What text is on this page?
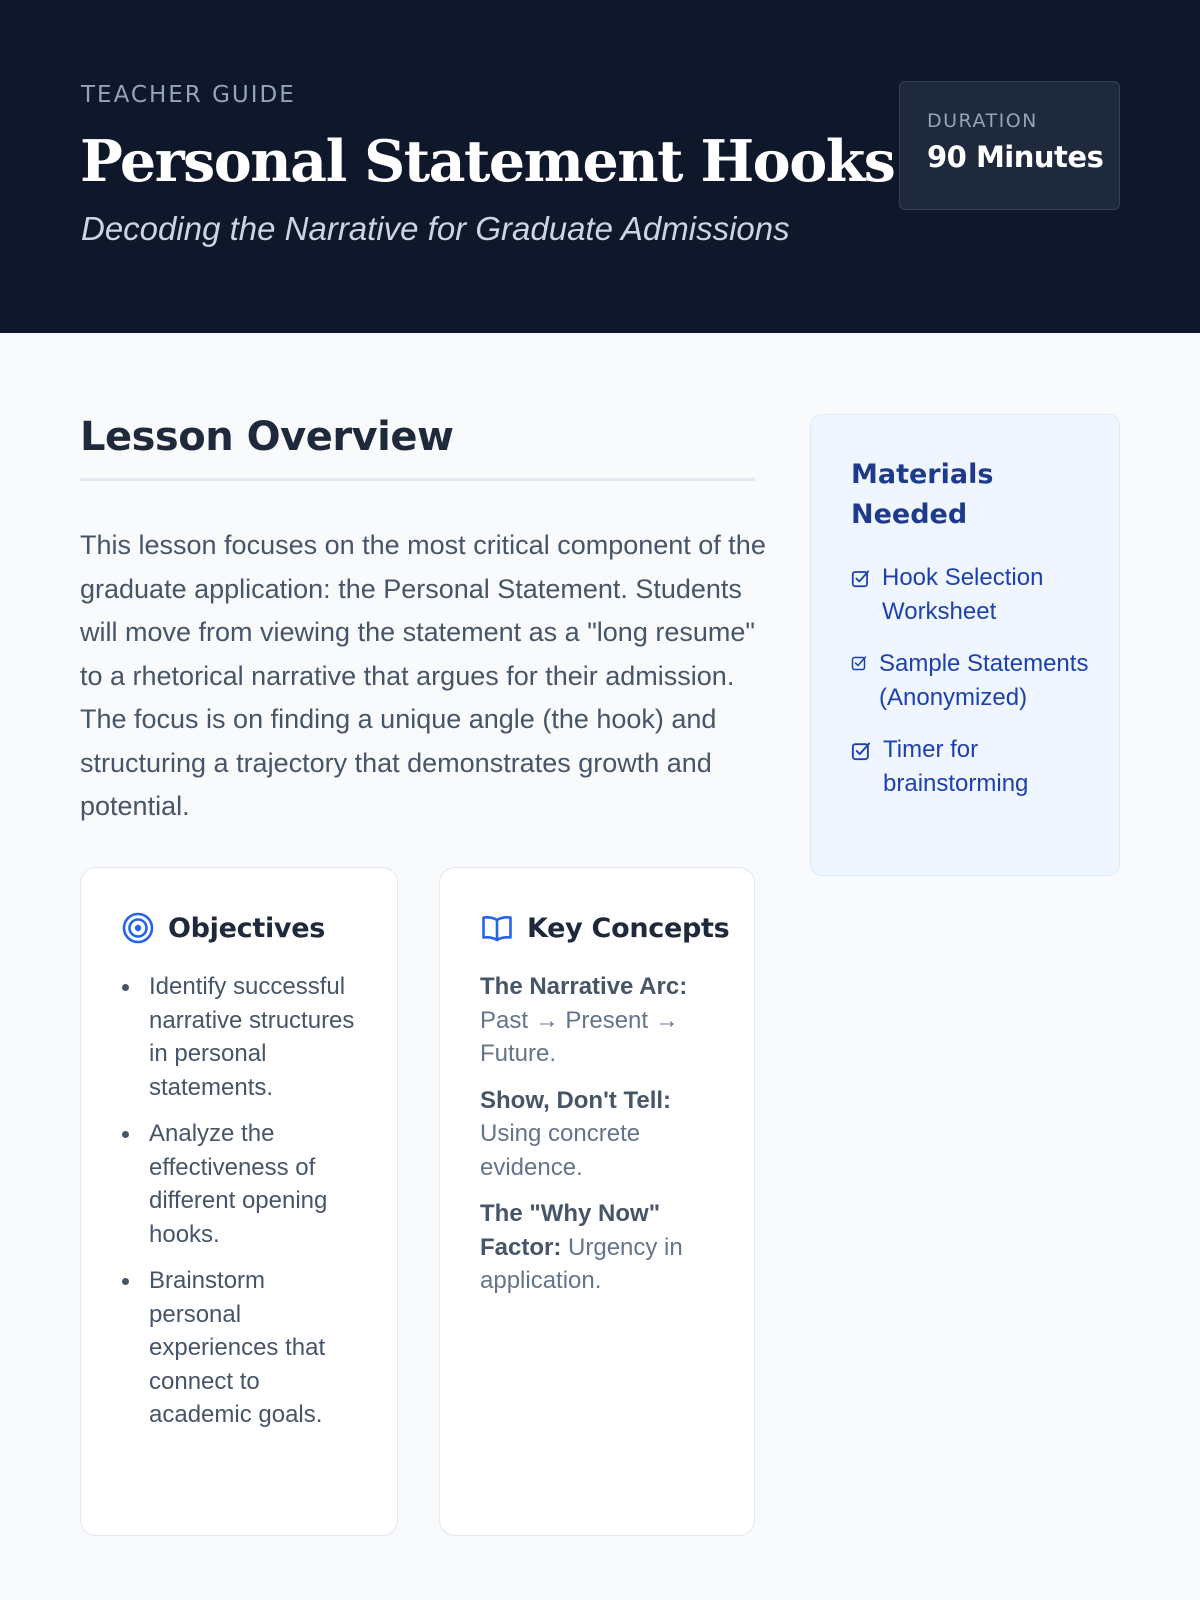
TEACHER GUIDE
Personal Statement Hooks
Decoding the Narrative for Graduate Admissions
DURATION
90 Minutes
Lesson Overview

This lesson focuses on the most critical component of the graduate application: the Personal Statement. Students will move from viewing the statement as a "long resume" to a rhetorical narrative that argues for their admission. The focus is on finding a unique angle (the hook) and structuring a trajectory that demonstrates growth and potential.

Objectives
Identify successful narrative structures in personal statements.
Analyze the effectiveness of different opening hooks.
Brainstorm personal experiences that connect to academic goals.
Key Concepts

The Narrative Arc: Past → Present → Future.

Show, Don't Tell: Using concrete evidence.

The "Why Now" Factor: Urgency in application.

Materials Needed
Hook Selection Worksheet
Sample Statements (Anonymized)
Timer for brainstorming
